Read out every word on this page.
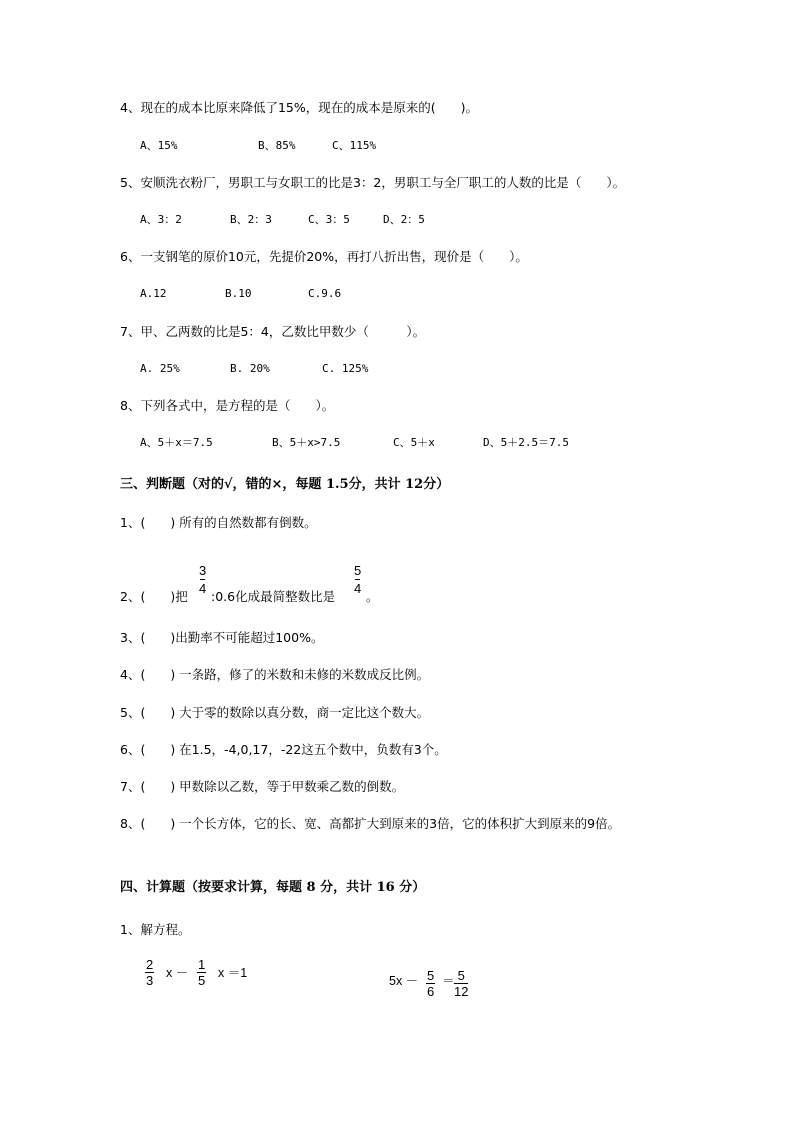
4、现在的成本比原来降低了15%，现在的成本是原来的(　　)。
A、15%	B、85%	C、115%
5、安顺洗衣粉厂，男职工与女职工的比是3：2，男职工与全厂职工的人数的比是（　　）。
A、3：2	B、2：3	C、3：5	D、2：5
6、一支钢笔的原价10元，先提价20%，再打八折出售，现价是（　　）。
A.12	B.10	C.9.6
7、甲、乙两数的比是5：4，乙数比甲数少（　　　）。
A. 25%	B. 20%	C. 125%
8、下列各式中，是方程的是（　　）。
A、5＋x＝7.5	B、5＋x>7.5	C、5＋x	D、5＋2.5＝7.5
三、判断题（对的√，错的×，每题 1.5分，共计 12分）
1、(　　) 所有的自然数都有倒数。
2、(　　)把
3
4
:0.6化成最简整数比是
5
4
。
3、(　　)出勤率不可能超过100%。
4、(　　) 一条路，修了的米数和未修的米数成反比例。
5、(　　) 大于零的数除以真分数，商一定比这个数大。
6、(　　) 在1.5，-4,0,17，-22这五个数中，负数有3个。
7、(　　) 甲数除以乙数，等于甲数乘乙数的倒数。
8、(　　) 一个长方体，它的长、宽、高都扩大到原来的3倍，它的体积扩大到原来的9倍。
四、计算题（按要求计算，每题 8 分，共计 16 分）
1、解方程。
$\frac{2}{3}$ $x - \frac{1}{5}$ x ＝1
$5x - \frac{5}{6} = \frac{5}{12}$
